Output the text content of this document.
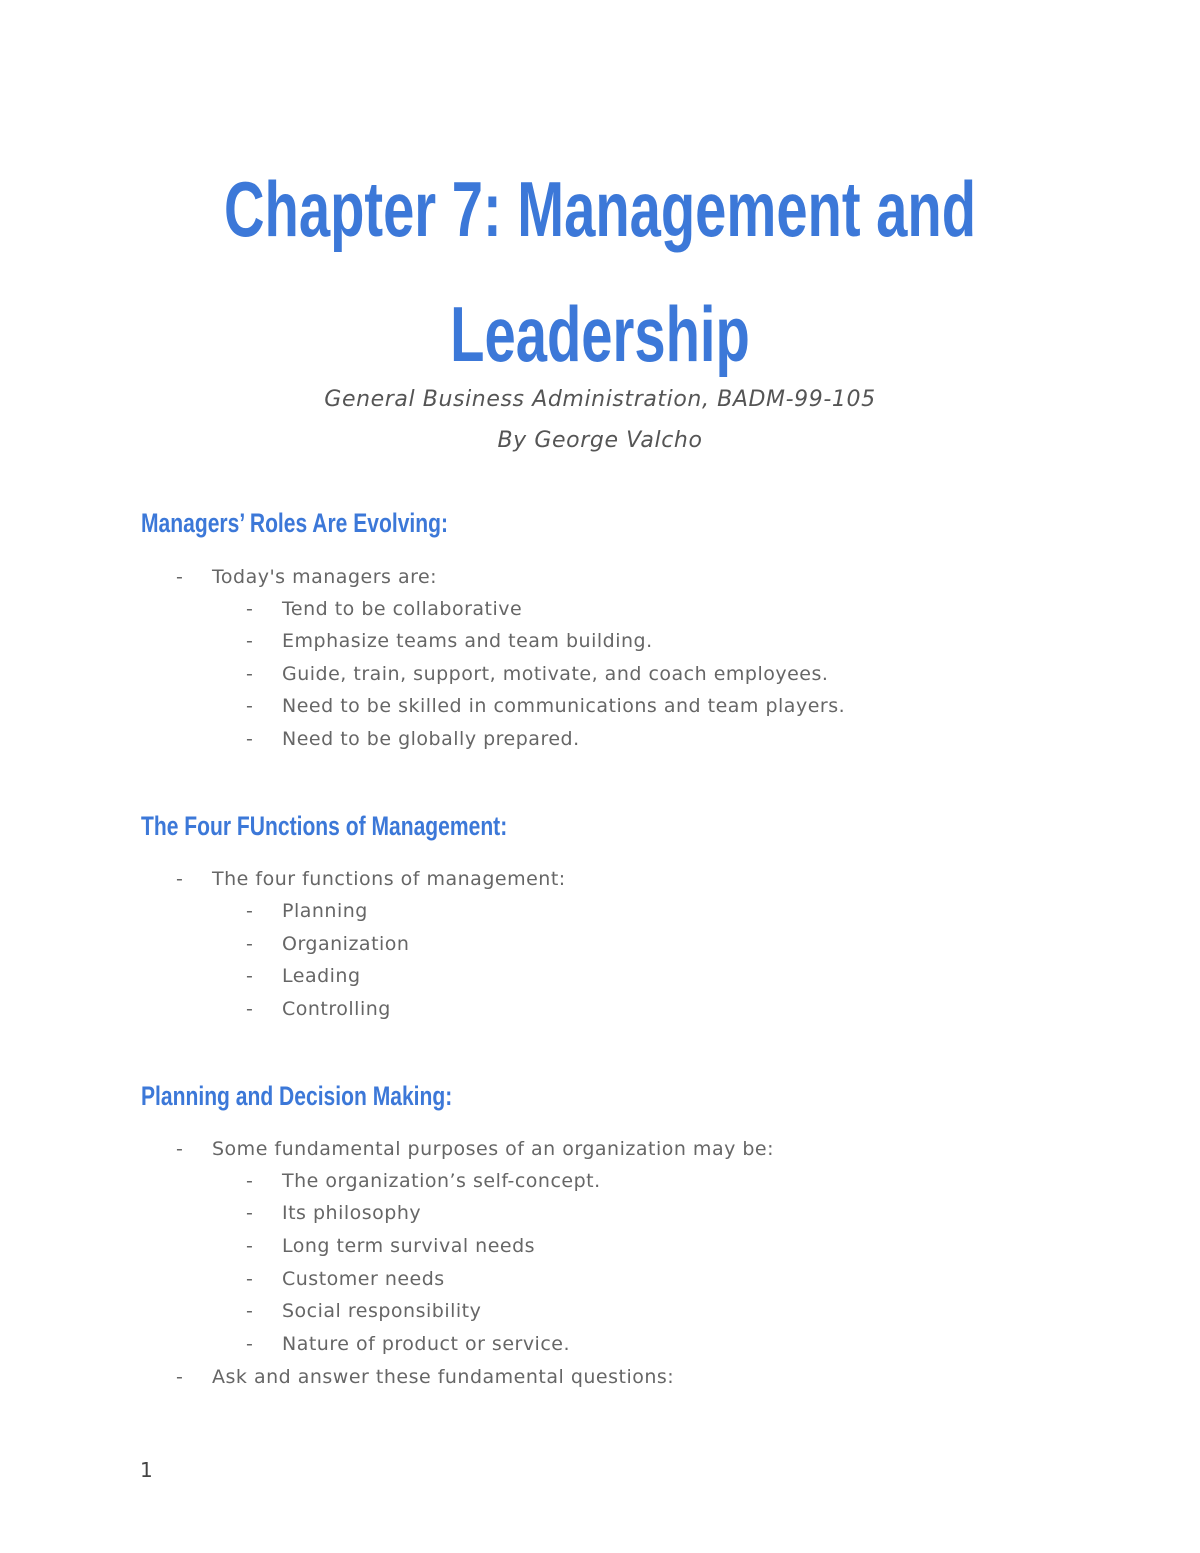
Chapter 7: Management and
Leadership

General Business Administration, BADM-99-105

By George Valcho

Managers’ Roles Are Evolving:
- Today's managers are:
- Tend to be collaborative
- Emphasize teams and team building.
- Guide, train, support, motivate, and coach employees.
- Need to be skilled in communications and team players.
- Need to be globally prepared.
The Four FUnctions of Management:
- The four functions of management:
- Planning
- Organization
- Leading
- Controlling
Planning and Decision Making:
- Some fundamental purposes of an organization may be:
- The organization’s self-concept.
- Its philosophy
- Long term survival needs
- Customer needs
- Social responsibility
- Nature of product or service.
- Ask and answer these fundamental questions:

1
